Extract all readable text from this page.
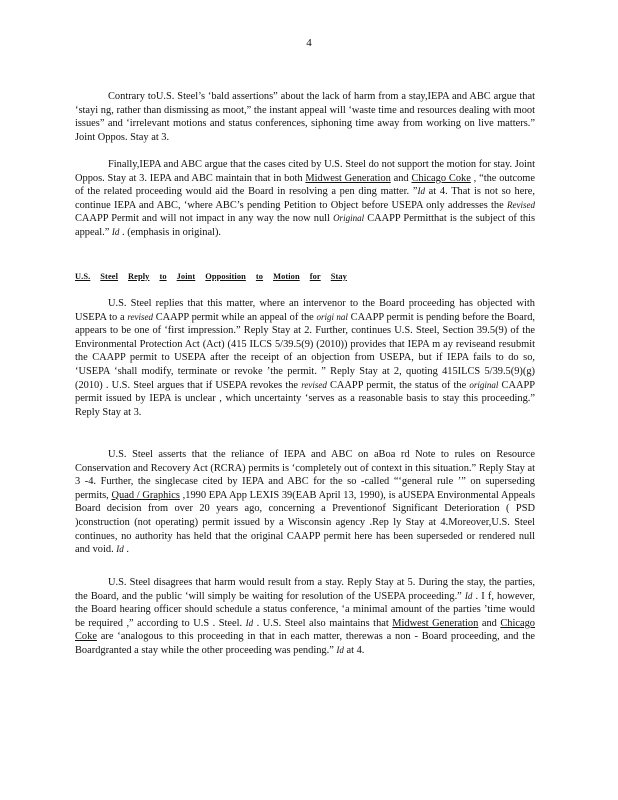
4

Contrary toU.S. Steel’s ‘bald assertions” about the lack of harm from a stay,IEPA and ABC argue that ‘stayi ng, rather than dismissing as moot,” the instant appeal will ‘waste time and resources dealing with moot issues” and ‘irrelevant motions and status conferences, siphoning time away from working on live matters.” Joint Oppos. Stay at 3.

Finally,IEPA and ABC argue that the cases cited by U.S. Steel do not support the motion for stay. Joint Oppos. Stay at 3. IEPA and ABC maintain that in both Midwest Generation and Chicago Coke , “the outcome of the related proceeding would aid the Board in resolving a pen ding matter. ”Id at 4. That is not so here, continue IEPA and ABC, ‘where ABC’s pending Petition to Object before USEPA only addresses the Revised CAAPP Permit and will not impact in any way the now null Original CAAPP Permitthat is the subject of this appeal.” Id . (emphasis in original).

U.S. Steel Reply to Joint Opposition to Motion for Stay

U.S. Steel replies that this matter, where an intervenor to the Board proceeding has objected with USEPA to a revised CAAPP permit while an appeal of the origi nal CAAPP permit is pending before the Board, appears to be one of ‘first impression.” Reply Stay at 2. Further, continues U.S. Steel, Section 39.5(9) of the Environmental Protection Act (Act) (415 ILCS 5/39.5(9) (2010)) provides that IEPA m ay reviseand resubmit the CAAPP permit to USEPA after the receipt of an objection from USEPA, but if IEPA fails to do so, ‘USEPA ‘shall modify, terminate or revoke ’the permit. ” Reply Stay at 2, quoting 415ILCS 5/39.5(9)(g) (2010) . U.S. Steel argues that if USEPA revokes the revised CAAPP permit, the status of the original CAAPP permit issued by IEPA is unclear , which uncertainty ‘serves as a reasonable basis to stay this proceeding.” Reply Stay at 3.

U.S. Steel asserts that the reliance of IEPA and ABC on aBoa rd Note to rules on Resource Conservation and Recovery Act (RCRA) permits is ‘completely out of context in this situation.” Reply Stay at 3 -4. Further, the singlecase cited by IEPA and ABC for the so -called “‘general rule ’” on superseding permits, Quad / Graphics ,1990 EPA App LEXIS 39(EAB April 13, 1990), is aUSEPA Environmental Appeals Board decision from over 20 years ago, concerning a Preventionof Significant Deterioration ( PSD )construction (not operating) permit issued by a Wisconsin agency .Rep ly Stay at 4.Moreover,U.S. Steel continues, no authority has held that the original CAAPP permit here has been superseded or rendered null and void. Id .

U.S. Steel disagrees that harm would result from a stay. Reply Stay at 5. During the stay, the parties, the Board, and the public ‘will simply be waiting for resolution of the USEPA proceeding.” Id . I f, however, the Board hearing officer should schedule a status conference, ‘a minimal amount of the parties ’time would be required ,” according to U.S . Steel. Id . U.S. Steel also maintains that Midwest Generation and Chicago Coke are ‘analogous to this proceeding in that in each matter, therewas a non - Board proceeding, and the Boardgranted a stay while the other proceeding was pending.” Id at 4.
